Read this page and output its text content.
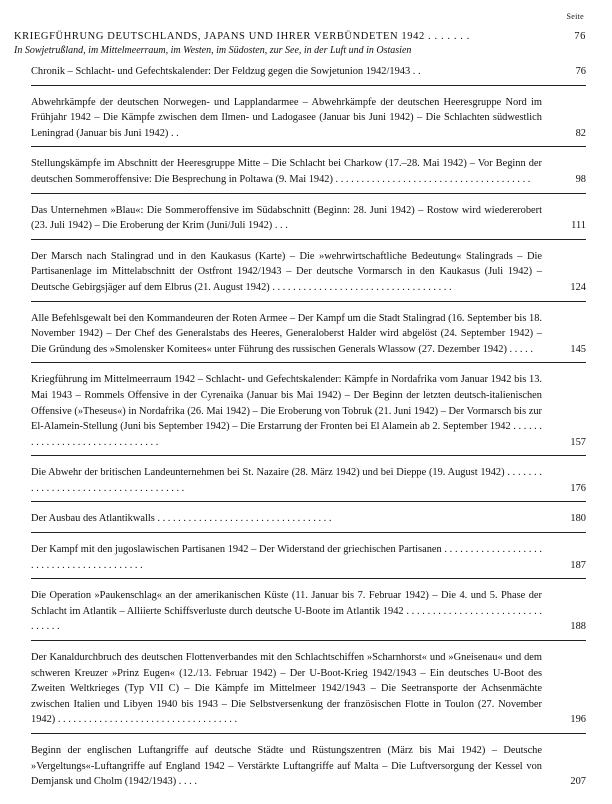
Seite
KRIEGFÜHRUNG DEUTSCHLANDS, JAPANS UND IHRER VERBÜNDETEN 1942 . . . . . . .	76
In Sowjetrußland, im Mittelmeerraum, im Westen, im Südosten, zur See, in der Luft und in Ostasien
Chronik – Schlacht- und Gefechtskalender: Der Feldzug gegen die Sowjetunion 1942/1943 . .	76
Abwehrkämpfe der deutschen Norwegen- und Lapplandarmee – Abwehrkämpfe der deutschen Heeresgruppe Nord im Frühjahr 1942 – Die Kämpfe zwischen dem Ilmen- und Ladogasee (Januar bis Juni 1942) – Die Schlachten südwestlich Leningrad (Januar bis Juni 1942) . .	82
Stellungskämpfe im Abschnitt der Heeresgruppe Mitte – Die Schlacht bei Charkow (17.–28. Mai 1942) – Vor Beginn der deutschen Sommeroffensive: Die Besprechung in Poltawa (9. Mai 1942) . . . . . . . . . . . . . . . . . . . . . . . . . . . . . . . . . . . . . .	98
Das Unternehmen »Blau«: Die Sommeroffensive im Südabschnitt (Beginn: 28. Juni 1942) – Rostow wird wiedererobert (23. Juli 1942) – Die Eroberung der Krim (Juni/Juli 1942) . . .	111
Der Marsch nach Stalingrad und in den Kaukasus (Karte) – Die »wehrwirtschaftliche Bedeutung« Stalingrads – Die Partisanenlage im Mittelabschnitt der Ostfront 1942/1943 – Der deutsche Vormarsch in den Kaukasus (Juli 1942) – Deutsche Gebirgsjäger auf dem Elbrus (21. August 1942) . . . . . . . . . . . . . . . . . . . . . . . . . . . . . . . . . . .	124
Alle Befehlsgewalt bei den Kommandeuren der Roten Armee – Der Kampf um die Stadt Stalingrad (16. September bis 18. November 1942) – Der Chef des Generalstabs des Heeres, Generaloberst Halder wird abgelöst (24. September 1942) – Die Gründung des »Smolensker Komitees« unter Führung des russischen Generals Wlassow (27. Dezember 1942) . . . . .	145
Kriegführung im Mittelmeerraum 1942 – Schlacht- und Gefechtskalender: Kämpfe in Nordafrika vom Januar 1942 bis 13. Mai 1943 – Rommels Offensive in der Cyrenaika (Januar bis Mai 1942) – Der Beginn der letzten deutsch-italienischen Offensive (»Theseus«) in Nordafrika (26. Mai 1942) – Die Eroberung von Tobruk (21. Juni 1942) – Der Vormarsch bis zur El-Alamein-Stellung (Juni bis September 1942) – Die Erstarrung der Fronten bei El Alamein ab 2. September 1942 . . . . . . . . . . . . . . . . . . . . . . . . . . . . . . .	157
Die Abwehr der britischen Landeunternehmen bei St. Nazaire (28. März 1942) und bei Dieppe (19. August 1942) . . . . . . . . . . . . . . . . . . . . . . . . . . . . . . . . . . . . .	176
Der Ausbau des Atlantikwalls . . . . . . . . . . . . . . . . . . . . . . . . . . . . . . . . . .	180
Der Kampf mit den jugoslawischen Partisanen 1942 – Der Widerstand der griechischen Partisanen . . . . . . . . . . . . . . . . . . . . . . . . . . . . . . . . . . . . . . . . .	187
Die Operation »Paukenschlag« an der amerikanischen Küste (11. Januar bis 7. Februar 1942) – Die 4. und 5. Phase der Schlacht im Atlantik – Alliierte Schiffsverluste durch deutsche U-Boote im Atlantik 1942 . . . . . . . . . . . . . . . . . . . . . . . . . . . . . . . .	188
Der Kanaldurchbruch des deutschen Flottenverbandes mit den Schlachtschiffen »Scharnhorst« und »Gneisenau« und dem schweren Kreuzer »Prinz Eugen« (12./13. Februar 1942) – Der U-Boot-Krieg 1942/1943 – Ein deutsches U-Boot des Zweiten Weltkrieges (Typ VII C) – Die Kämpfe im Mittelmeer 1942/1943 – Die Seetransporte der Achsenmächte zwischen Italien und Libyen 1940 bis 1943 – Die Selbstversenkung der französischen Flotte in Toulon (27. November 1942) . . . . . . . . . . . . . . . . . . . . . . . . . . . . . . . . . . .	196
Beginn der englischen Luftangriffe auf deutsche Städte und Rüstungszentren (März bis Mai 1942) – Deutsche »Vergeltungs«-Luftangriffe auf England 1942 – Verstärkte Luftangriffe auf Malta – Die Luftversorgung der Kessel von Demjansk und Cholm (1942/1943) . . . .	207
